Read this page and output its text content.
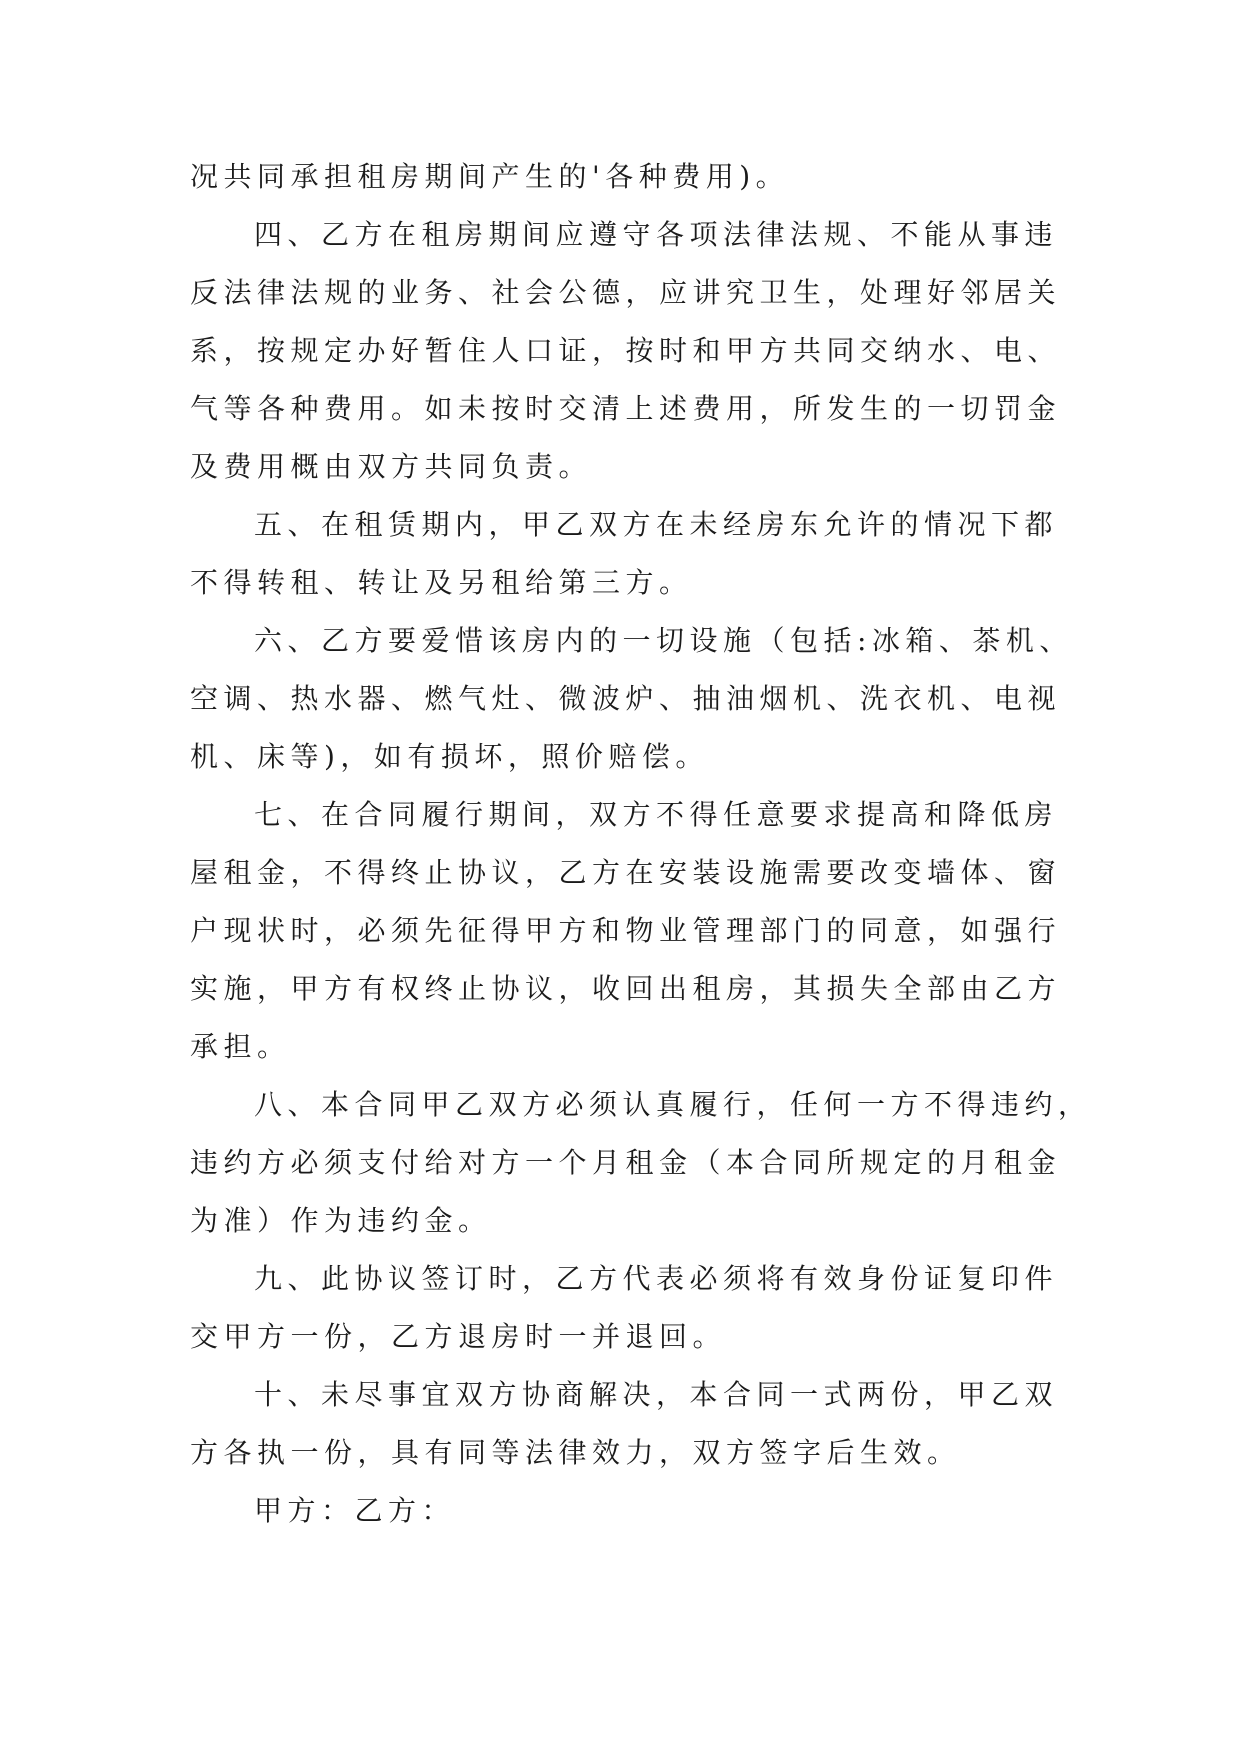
况共同承担租房期间产生的'各种费用)。
四、乙方在租房期间应遵守各项法律法规、不能从事违
反法律法规的业务、社会公德，应讲究卫生，处理好邻居关
系，按规定办好暂住人口证，按时和甲方共同交纳水、电、
气等各种费用。如未按时交清上述费用，所发生的一切罚金
及费用概由双方共同负责。
五、在租赁期内，甲乙双方在未经房东允许的情况下都
不得转租、转让及另租给第三方。
六、乙方要爱惜该房内的一切设施（包括:冰箱、茶机、
空调、热水器、燃气灶、微波炉、抽油烟机、洗衣机、电视
机、床等)，如有损坏，照价赔偿。
七、在合同履行期间，双方不得任意要求提高和降低房
屋租金，不得终止协议，乙方在安装设施需要改变墙体、窗
户现状时，必须先征得甲方和物业管理部门的同意，如强行
实施，甲方有权终止协议，收回出租房，其损失全部由乙方
承担。
八、本合同甲乙双方必须认真履行，任何一方不得违约，
违约方必须支付给对方一个月租金（本合同所规定的月租金
为准）作为违约金。
九、此协议签订时，乙方代表必须将有效身份证复印件
交甲方一份，乙方退房时一并退回。
十、未尽事宜双方协商解决，本合同一式两份，甲乙双
方各执一份，具有同等法律效力，双方签字后生效。
甲方：乙方：
